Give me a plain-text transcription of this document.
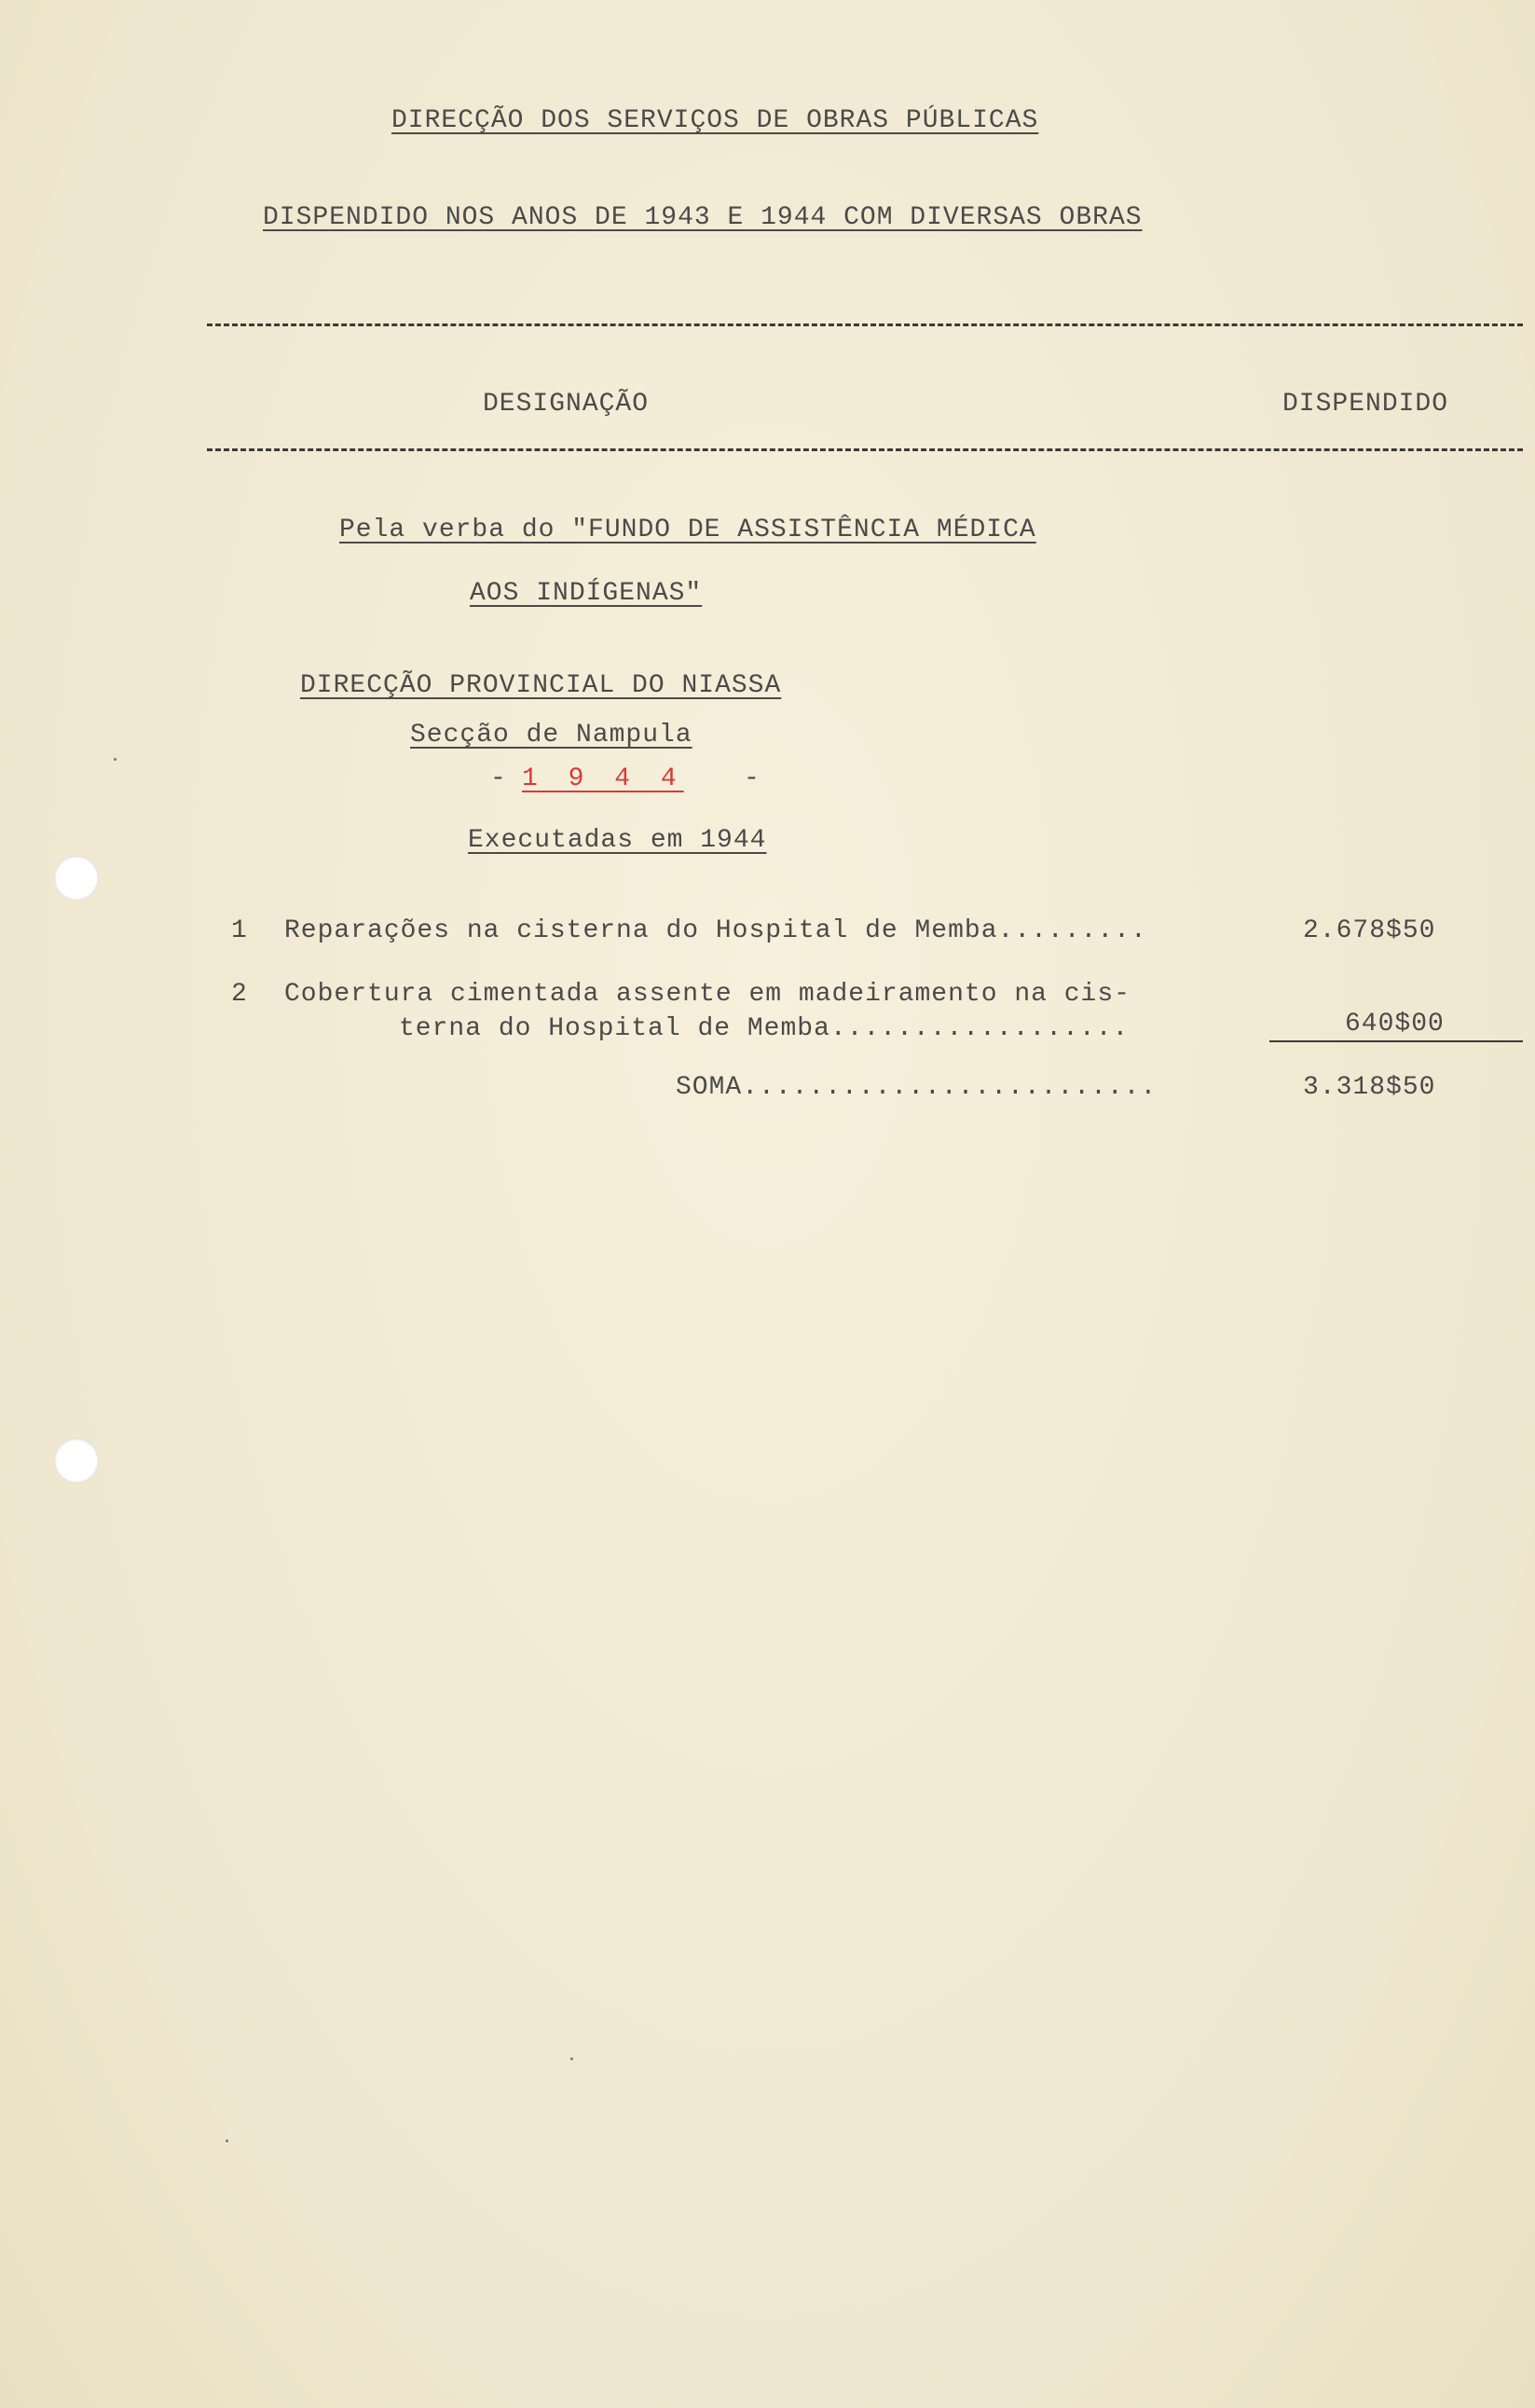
DIRECÇÃO DOS SERVIÇOS DE OBRAS PÚBLICAS
DISPENDIDO NOS ANOS DE 1943 E 1944 COM DIVERSAS OBRAS
DESIGNAÇÃO	DISPENDIDO
Pela verba do "FUNDO DE ASSISTÊNCIA MÉDICA
AOS INDÍGENAS"
DIRECÇÃO PROVINCIAL DO NIASSA
Secção de Nampula
- 1 9 4 4 -
Executadas em 1944
1 Reparações na cisterna do Hospital de Memba.........	2.678$50
2 Cobertura cimentada assente em madeiramento na cis-
terna do Hospital de Memba..................	640$00
SOMA.........................	3.318$50
